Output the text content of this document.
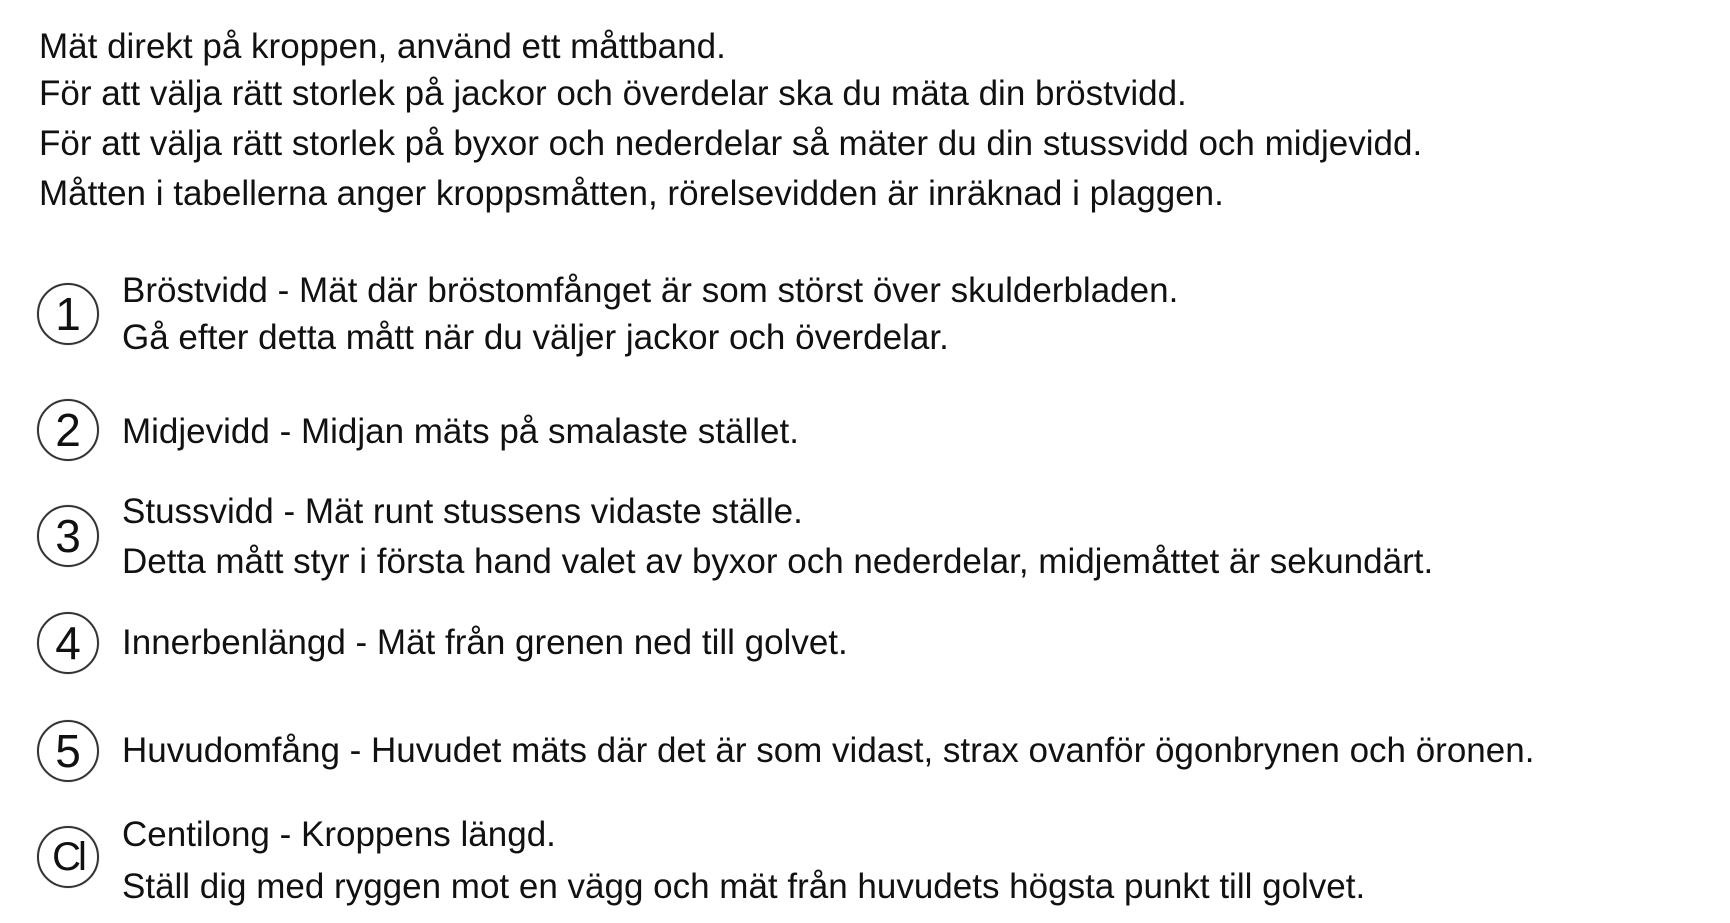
Mät direkt på kroppen, använd ett måttband.
För att välja rätt storlek på jackor och överdelar ska du mäta din bröstvidd.
För att välja rätt storlek på byxor och nederdelar så mäter du din stussvidd och midjevidd.
Måtten i tabellerna anger kroppsmåtten, rörelsevidden är inräknad i plaggen.
1	Bröstvidd - Mät där bröstomfånget är som störst över skulderbladen.
Gå efter detta mått när du väljer jackor och överdelar.
2	Midjevidd - Midjan mäts på smalaste stället.
3	Stussvidd - Mät runt stussens vidaste ställe.
Detta mått styr i första hand valet av byxor och nederdelar, midjemåttet är sekundärt.
4	Innerbenlängd - Mät från grenen ned till golvet.
5	Huvudomfång - Huvudet mäts där det är som vidast, strax ovanför ögonbrynen och öronen.
Cl
Centilong - Kroppens längd.
Ställ dig med ryggen mot en vägg och mät från huvudets högsta punkt till golvet.
